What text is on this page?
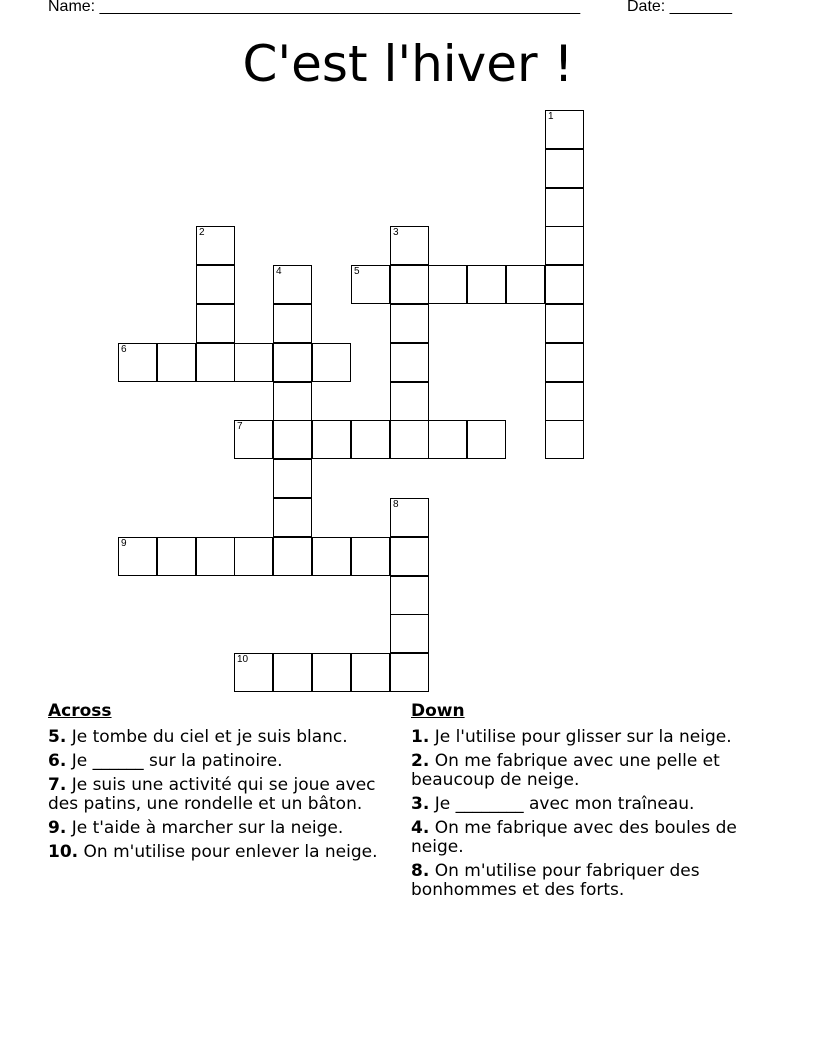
Name: ______________________________________________________	Date: _______
C'est l'hiver !
1
2	3
4	5
6
7
8
9
10
Across
5. Je tombe du ciel et je suis blanc.
6. Je ______ sur la patinoire.
7. Je suis une activité qui se joue avec des patins, une rondelle et un bâton.
9. Je t'aide à marcher sur la neige.
10. On m'utilise pour enlever la neige.
Down
1. Je l'utilise pour glisser sur la neige.
2. On me fabrique avec une pelle et beaucoup de neige.
3. Je ________ avec mon traîneau.
4. On me fabrique avec des boules de neige.
8. On m'utilise pour fabriquer des bonhommes et des forts.
